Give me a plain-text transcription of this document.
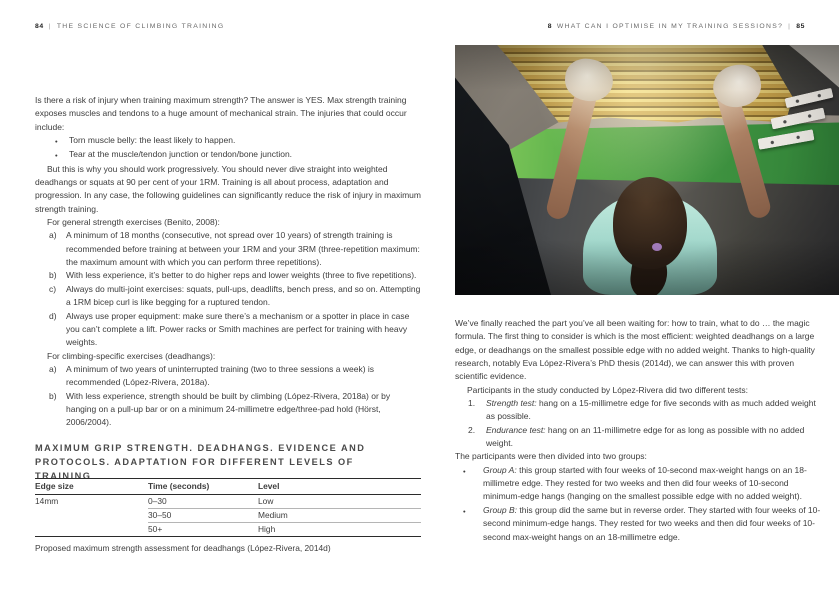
84 | THE SCIENCE OF CLIMBING TRAINING	8 WHAT CAN I OPTIMISE IN MY TRAINING SESSIONS? | 85

Is there a risk of injury when training maximum strength? The answer is YES. Max strength training exposes muscles and tendons to a huge amount of mechanical strain. The injuries that could occur include:

•	Torn muscle belly: the least likely to happen.
•	Tear at the muscle/tendon junction or tendon/bone junction.

But this is why you should work progressively. You should never dive straight into weighted deadhangs or squats at 90 per cent of your 1RM. Training is all about process, adaptation and progression. In any case, the following guidelines can significantly reduce the risk of injury in maximum strength training.

For general strength exercises (Benito, 2008):

a)	A minimum of 18 months (consecutive, not spread over 10 years) of strength training is recommended before training at between your 1RM and your 3RM (three-repetition maximum: the maximum amount with which you can perform three repetitions).
b)	With less experience, it’s better to do higher reps and lower weights (three to five repetitions).
c)	Always do multi-joint exercises: squats, pull-ups, deadlifts, bench press, and so on. Attempting a 1RM bicep curl is like begging for a ruptured tendon.
d)	Always use proper equipment: make sure there’s a mechanism or a spotter in place in case you can’t complete a lift. Power racks or Smith machines are perfect for training with heavy weights.

For climbing-specific exercises (deadhangs):

a)	A minimum of two years of uninterrupted training (two to three sessions a week) is recommended (López-Rivera, 2018a).
b)	With less experience, strength should be built by climbing (López-Rivera, 2018a) or by hanging on a pull-up bar or on a minimum 24-millimetre edge/three-pad hold (Hörst, 2006/2004).
MAXIMUM GRIP STRENGTH. DEADHANGS. EVIDENCE AND PROTOCOLS. ADAPTATION FOR DIFFERENT LEVELS OF TRAINING
Edge size	Time (seconds)	Level
14mm	0–30	Low
	30–50	Medium
	50+	High
Proposed maximum strength assessment for deadhangs (López-Rivera, 2014d)

We’ve finally reached the part you’ve all been waiting for: how to train, what to do … the magic formula. The first thing to consider is which is the most efficient: weighted deadhangs on a large edge, or deadhangs on the smallest possible edge with no added weight. Thanks to high-quality research, notably Eva López-Rivera’s PhD thesis (2014d), we can answer this with proven scientific evidence.

Participants in the study conducted by López-Rivera did two different tests:

1.	Strength test: hang on a 15-millimetre edge for five seconds with as much added weight as possible.
2.	Endurance test: hang on an 11-millimetre edge for as long as possible with no added weight.

The participants were then divided into two groups:

•	Group A: this group started with four weeks of 10-second max-weight hangs on an 18-millimetre edge. They rested for two weeks and then did four weeks of 10-second minimum-edge hangs (hanging on the smallest possible edge with no added weight).
•	Group B: this group did the same but in reverse order. They started with four weeks of 10-second minimum-edge hangs. They rested for two weeks and then did four weeks of 10-second max-weight hangs on an 18-millimetre edge.
